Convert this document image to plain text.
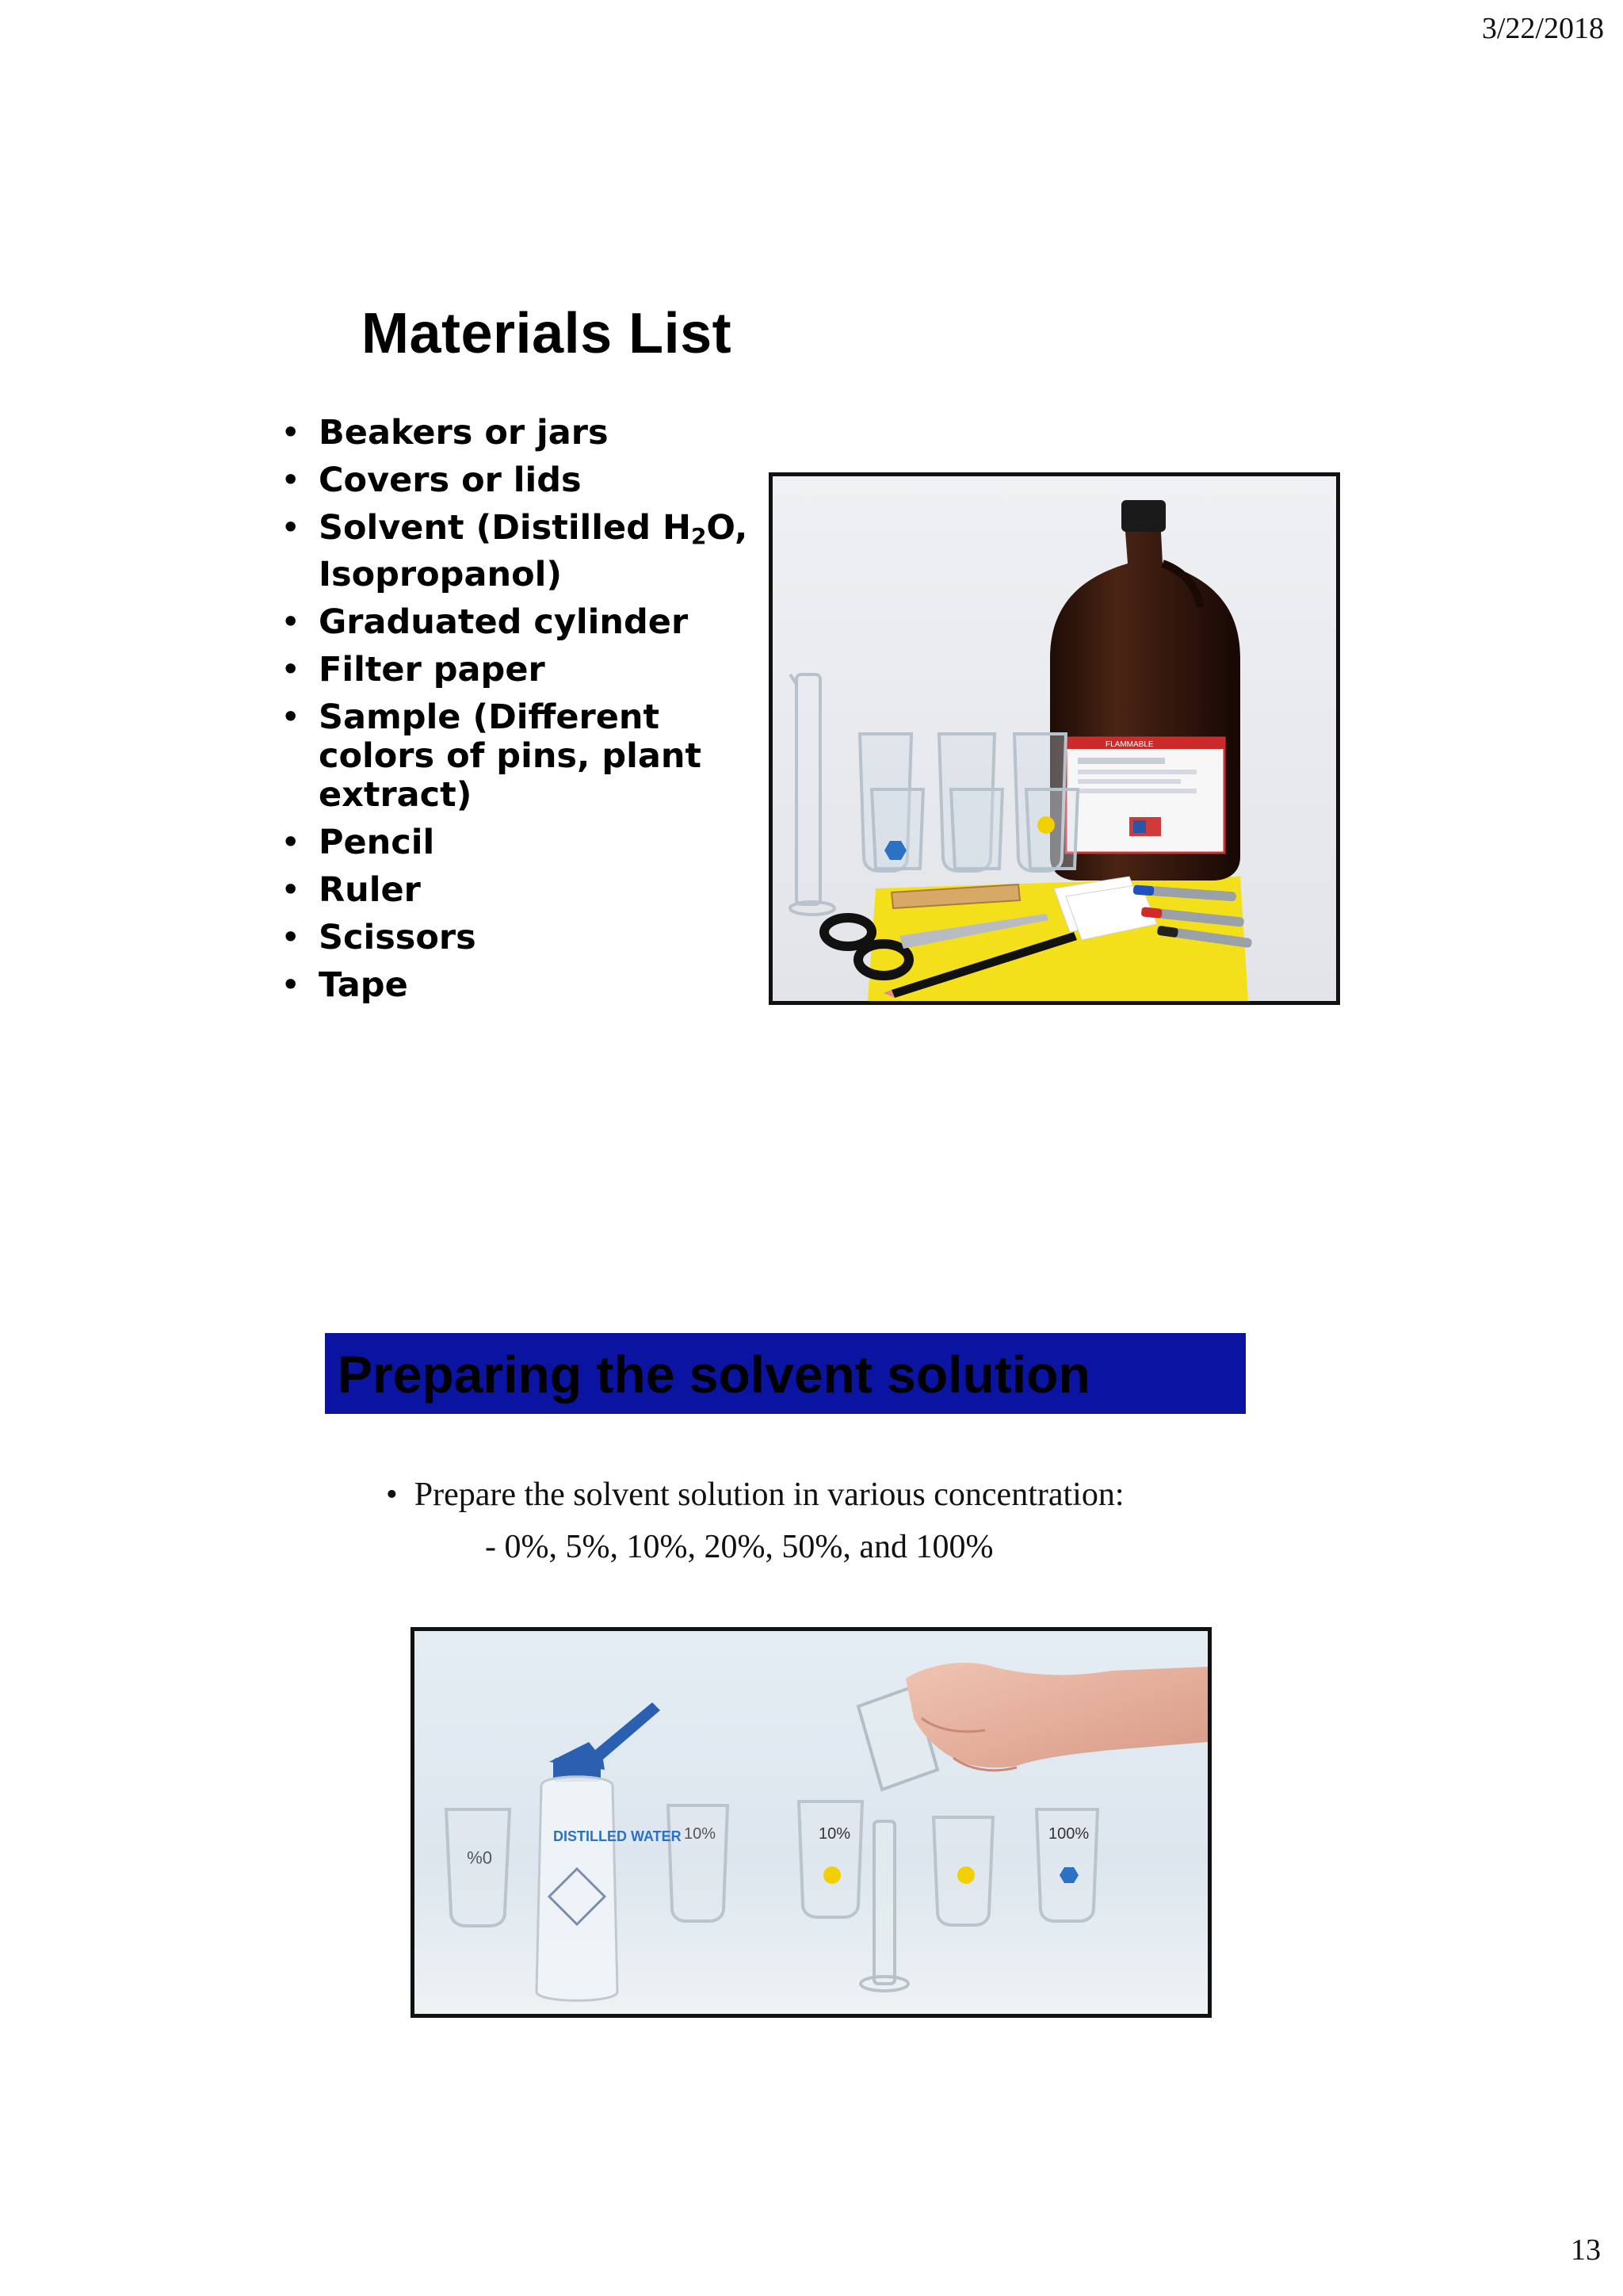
3/22/2018
Materials List
• Beakers or jars
• Covers or lids
• Solvent (Distilled $H_2O$, Isopropanol)
• Graduated cylinder
• Filter paper
• Sample (Different colors of pins, plant extract)
• Pencil
• Ruler
• Scissors
• Tape
FLAMMABLE
Preparing the solvent solution
•  Prepare the solvent solution in various concentration:
- 0%, 5%, 10%, 20%, 50%, and 100%
0%
10%	10%	100%
DISTILLED WATER
13
